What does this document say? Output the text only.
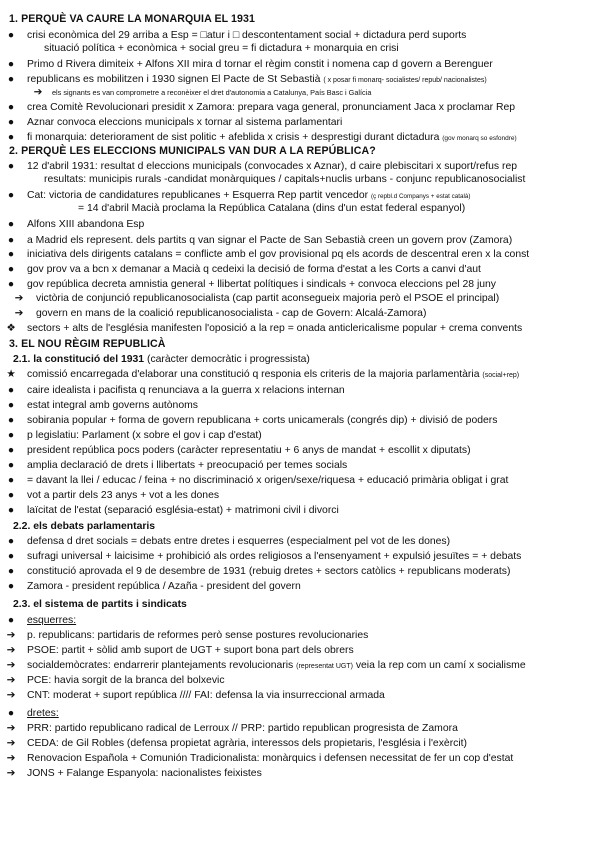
1. PERQUÈ VA CAURE LA MONARQUIA EL 1931
● crisi econòmica del 29 arriba a Esp = □atur i □ descontentament social + dictadura perd suports
situació política + econòmica + social greu = fi dictadura + monarquia en crisi
● Primo d Rivera dimiteix + Alfons XII mira d tornar el règim constit i nomena cap d govern a Berenguer
● republicans es mobilitzen i 1930 signen El Pacte de St Sebastià ( x posar fi monarq- socialistes/ repub/ nacionalistes)
➔ els signants es van comprometre a reconèixer el dret d'autonomia a Catalunya, País Basc i Galícia
● crea Comitè Revolucionari presidit x Zamora: prepara vaga general, pronunciament Jaca x proclamar Rep
● Aznar convoca eleccions municipals x tornar al sistema parlamentari
● fi monarquia: deteriorament de sist politic + afeblida x crisis + desprestigi durant dictadura (gov monarq so esfondre)
2. PERQUÈ LES ELECCIONS MUNICIPALS VAN DUR A LA REPÚBLICA?
● 12 d'abril 1931: resultat d eleccions municipals (convocades x Aznar), d caire plebiscitari x suport/refus rep
resultats: municipis rurals -candidat monàrquiques / capitals+nuclis urbans - conjunc republicanosocialist
● Cat: victoria de candidatures republicanes + Esquerra Rep partit vencedor (ç repbl.d Companys + estat català)
= 14 d'abril Macià proclama la República Catalana (dins d'un estat federal espanyol)
● Alfons XIII abandona Esp
● a Madrid els represent. dels partits q van signar el Pacte de San Sebastià creen un govern prov (Zamora)
● iniciativa dels dirigents catalans = conflicte amb el gov provisional pq els acords de descentral eren x la const
● gov prov va a bcn x demanar a Macià q cedeixi la decisió de forma d'estat a les Corts a canvi d'aut
● gov república decreta amnistia general + llibertat polítiques i sindicals + convoca eleccions pel 28 juny
➔ victòria de conjunció republicanosocialista (cap partit aconsegueix majoria però el PSOE el principal)
➔ govern en mans de la coalició republicanosocialista - cap de Govern: Alcalá-Zamora)
❖ sectors + alts de l'església manifesten l'oposició a la rep = onada anticlericalisme popular + crema convents
3. EL NOU RÈGIM REPUBLICÀ
2.1. la constitució del 1931 (caràcter democràtic i progressista)
★ comissió encarregada d'elaborar una constitució q responia els criteris de la majoria parlamentària (social+rep)
● caire idealista i pacifista q renunciava a la guerra x relacions internan
● estat integral amb governs autònoms
● sobirania popular + forma de govern republicana + corts unicamerals (congrés dip) + divisió de poders
● p legislatiu: Parlament (x sobre el gov i cap d'estat)
● president república pocs poders (caràcter representatiu + 6 anys de mandat + escollit x diputats)
● amplia declaració de drets i llibertats + preocupació per temes socials
● = davant la llei / educac / feina + no discriminació x origen/sexe/riquesa + educació primària obligat i grat
● vot a partir dels 23 anys + vot a les dones
● laïcitat de l'estat (separació església-estat) + matrimoni civil i divorci
2.2. els debats parlamentaris
● defensa d dret socials = debats entre dretes i esquerres (especialment pel vot de les dones)
● sufragi universal + laicisime + prohibició als ordes religiosos a l'ensenyament + expulsió jesuïtes = + debats
● constitució aprovada el 9 de desembre de 1931 (rebuig dretes + sectors catòlics + republicans moderats)
● Zamora - president república / Azaña - president del govern
2.3. el sistema de partits i sindicats
● esquerres:
➔ p. republicans: partidaris de reformes però sense postures revolucionaries
➔ PSOE: partit + sòlid amb suport de UGT + suport bona part dels obrers
➔ socialdemòcrates: endarrerir plantejaments revolucionaris (representat UGT) veia la rep com un camí x socialisme
➔ PCE: havia sorgit de la branca del bolxevic
➔ CNT: moderat + suport república //// FAI: defensa la via insurreccional armada
● dretes:
➔ PRR: partido republicano radical de Lerroux // PRP: partido republican progresista de Zamora
➔ CEDA: de Gil Robles (defensa propietat agrària, interessos dels propietaris, l'església i l'exèrcit)
➔ Renovacion Española + Comunión Tradicionalista: monàrquics i defensen necessitat de fer un cop d'estat
➔ JONS + Falange Espanyola: nacionalistes feixistes
